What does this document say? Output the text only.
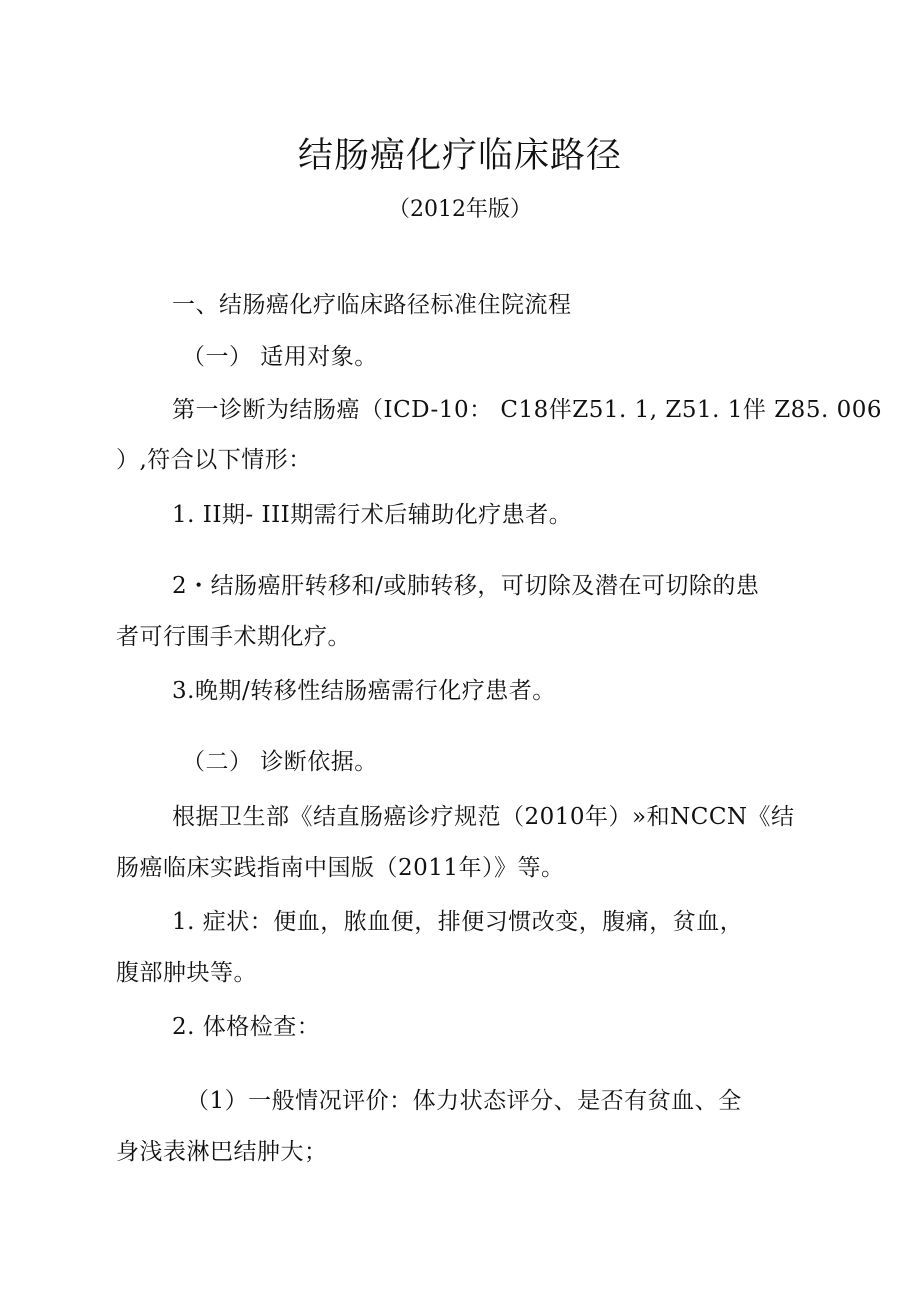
结肠癌化疗临床路径
（2012年版）
一、结肠癌化疗临床路径标准住院流程
（一） 适用对象。
第一诊断为结肠癌（ICD-10： C18伴Z51. 1, Z51. 1伴 Z85. 006
）,符合以下情形：
1. II期- III期需行术后辅助化疗患者。
2・结肠癌肝转移和/或肺转移，可切除及潜在可切除的患
者可行围手术期化疗。
3.晚期/转移性结肠癌需行化疗患者。
（二） 诊断依据。
根据卫生部《结直肠癌诊疗规范（2010年）»和NCCN《结
肠癌临床实践指南中国版（2011年）》等。
1. 症状：便血，脓血便，排便习惯改变，腹痛，贫血，
腹部肿块等。
2. 体格检查：
（1）一般情况评价：体力状态评分、是否有贫血、全
身浅表淋巴结肿大；
